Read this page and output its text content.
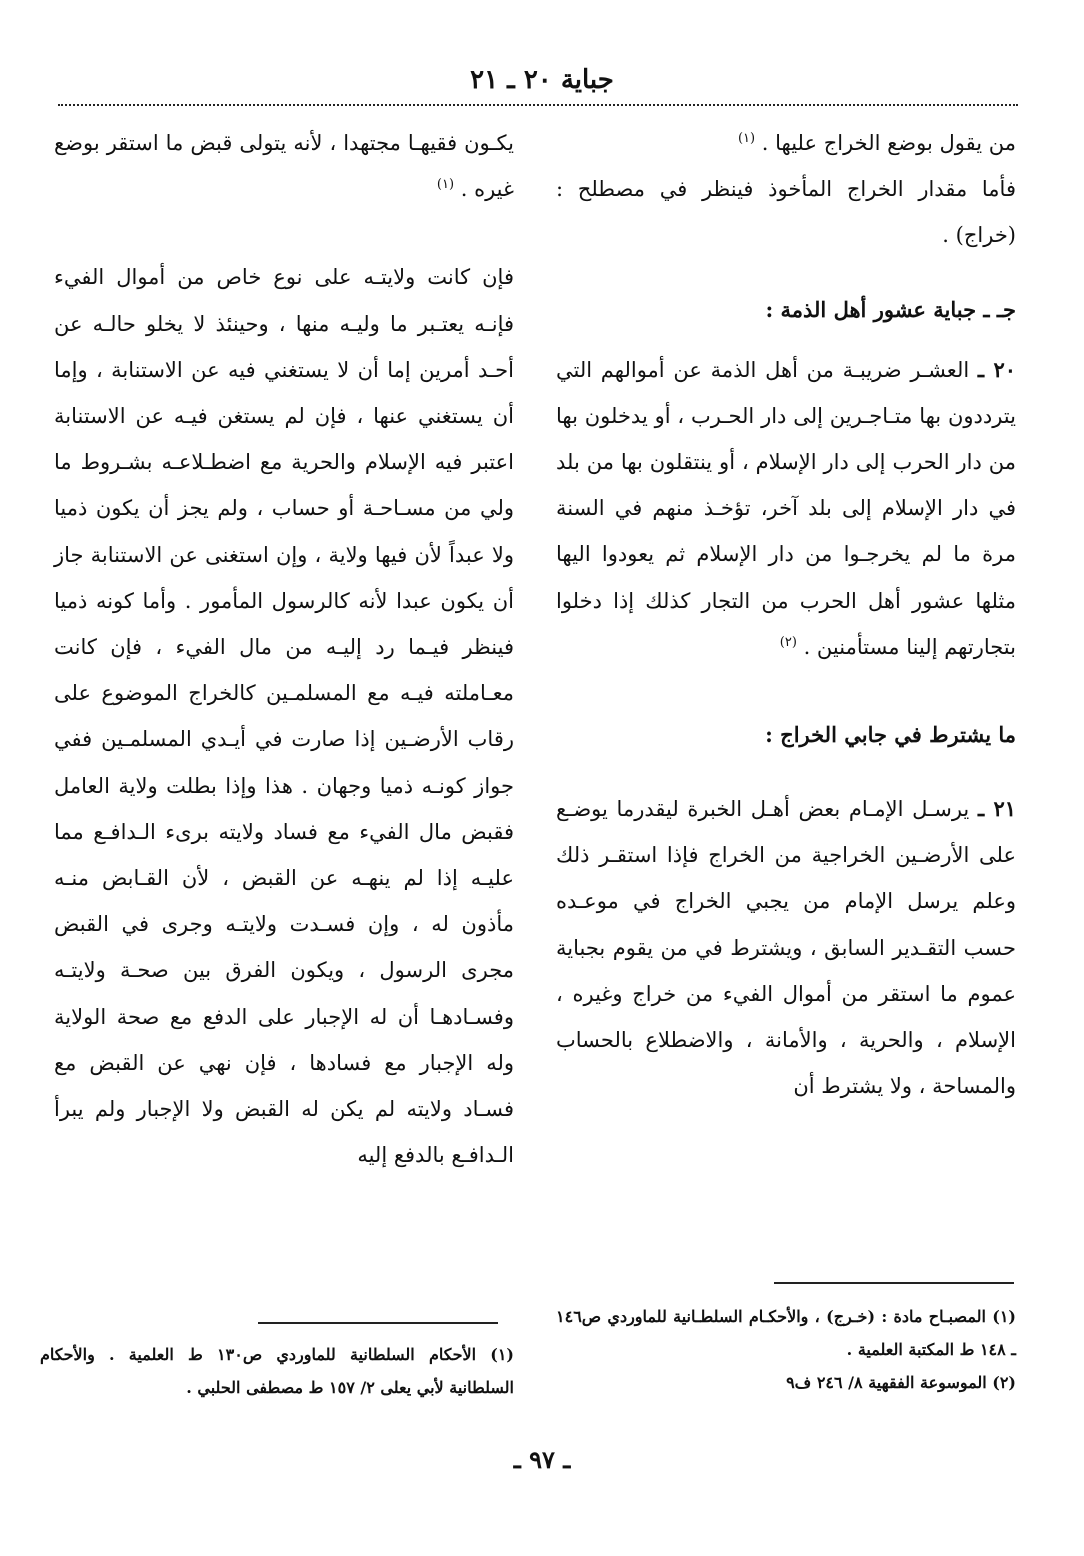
جباية ٢٠ ـ ٢١

من يقول بوضع الخراج عليها . $^{(١)}$

فأما مقدار الخراج المأخوذ فينظر في مصطلح : (خراج) .

جـ ـ جباية عشور أهل الذمة :

٢٠ ـ العشـر ضريبـة من أهل الذمة عن أموالهم التي يترددون بها متـاجـرين إلى دار الحـرب ، أو يدخلون بها من دار الحرب إلى دار الإسلام ، أو ينتقلون بها من بلد في دار الإسلام إلى بلد آخر، تؤخـذ منهم في السنة مرة ما لم يخرجـوا من دار الإسلام ثم يعودوا اليها مثلها عشور أهل الحرب من التجار كذلك إذا دخلوا بتجارتهم إلينا مستأمنين . $^{(٢)}$

ما يشترط في جابي الخراج :

٢١ ـ يرسـل الإمـام بعض أهـل الخبرة ليقدرما يوضـع على الأرضـين الخراجية من الخراج فإذا استقـر ذلك وعلم يرسل الإمام من يجبي الخراج في موعـده حسب التقـدير السابق ، ويشترط في من يقوم بجباية عموم ما استقر من أموال الفيء من خراج وغيره ، الإسلام ، والحرية ، والأمانة ، والاضطلاع بالحساب والمساحة ، ولا يشترط أن

يكـون فقيهـا مجتهدا ، لأنه يتولى قبض ما استقر بوضع غيره . $^{(١)}$

فإن كانت ولايتـه على نوع خاص من أموال الفيء فإنـه يعتـبر ما وليـه منها ، وحينئذ لا يخلو حالـه عن أحـد أمرين إما أن لا يستغني فيه عن الاستنابة ، وإما أن يستغني عنها ، فإن لم يستغن فيـه عن الاستنابة اعتبر فيه الإسلام والحرية مع اضطـلاعـه بشـروط ما ولي من مسـاحـة أو حساب ، ولم يجز أن يكون ذميا ولا عبداً لأن فيها ولاية ، وإن استغنى عن الاستنابة جاز أن يكون عبدا لأنه كالرسول المأمور . وأما كونه ذميا فينظر فيـما رد إليـه من مال الفيء ، فإن كانت معـاملته فيـه مع المسلمـين كالخراج الموضوع على رقاب الأرضـين إذا صارت في أيـدي المسلمـين ففي جواز كونـه ذميا وجهان . هذا وإذا بطلت ولاية العامل فقبض مال الفيء مع فساد ولايته برىء الـدافـع مما عليـه إذا لم ينهـه عن القبض ، لأن القـابض منـه مأذون له ، وإن فسـدت ولايتـه وجرى في القبض مجرى الرسول ، ويكون الفرق بين صحـة ولايتـه وفسـادهـا أن له الإجبار على الدفع مع صحة الولاية وله الإجبار مع فسادها ، فإن نهي عن القبض مع فسـاد ولايته لم يكن له القبض ولا الإجبار ولم يبرأ الـدافـع بالدفع إليه

(١) المصبـاح مادة : (خـرج) ، والأحكـام السلطـانية للماوردي ص١٤٦ ـ ١٤٨ ط المكتبة العلمية .

(٢) الموسوعة الفقهية ٨/ ٢٤٦ ف٩

(١) الأحكام السلطانية للماوردي ص١٣٠ ط العلمية . والأحكام السلطانية لأبي يعلى ٢/ ١٥٧ ط مصطفى الحلبي .

ـ ٩٧ ـ
